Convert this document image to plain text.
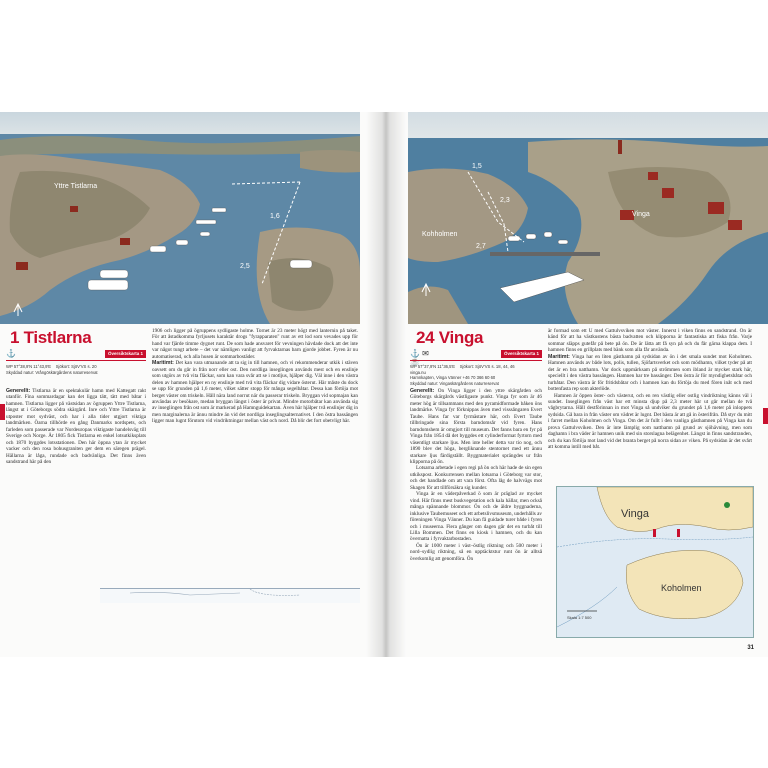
Yttre Tistlarna
1,6
2,5
1 Tistlarna
⚓	Översiktskarta 1
WP 57°38,9'N 11°43,9'E Sjökort: SjöV'VS s. 20
Skyddad natur: Vrångöskärgårdens naturreservat

Generellt: Tistlarna är en spektakulär hamn med Kattegatt rakt utanför. Fina sommardagar kan det ligga tätt, tätt med båtar i hamnen. Tistlarna ligger på västsidan av ögruppen Yttre Tistlarna, längst ut i Göteborgs södra skärgård. Inre och Yttre Tistlarna är utposter mot sydväst, och har i alla tider utgjort viktiga landmärken. Öarna tillhörde en gång Danmarks nordspets, och farleden som passerade var Nordeuropas viktigaste handelsväg till Sverige och Norge. År 1805 fick Tistlarna en enkel lotsutkiksplats och 1870 byggdes lotsstationen. Den här öppna ytan är mycket vacker och den rosa bohusgraniten ger dem en säregen prägel. Hällarna är låga, rundade och badvänliga. Det finns även sandstrand här på den

1906 och ligger på ögruppens sydligaste holme. Tornet är 23 meter högt med lanternin på taket. För att åstadkomma fyrljusets karaktär drogs "fyrapparaten" runt av ett lod som vevades upp för hand var fjärde timme dygnet runt. De som hade ansvaret för vevningen hävdade dock att det inte var något tungt arbete – det var nämligen vanligt att fyrvaktarnas barn gjorde jobbet. Fyren är nu automatiserad, och alla husen är sommarbostäder.

Maritimt: Det kan vara utmanande att ta sig in till hamnen, och vi rekommenderar utkik i stäven oavsett om du går in från norr eller ost. Den nordliga inseglingen används mest och en enslinje som utgörs av två vita fläckar, som kan vara svår att se i motljus, hjälper dig. Väl inne i den västra delen av hamnen hjälper en ny enslinje med två vita fläckar dig vidare österut. Här måste du dock se upp för grunden på 1,6 meter, vilket sätter stopp för många segelbåtar. Dessa kan förtöja mot berget väster om triskeln. Håll nära land norrut när du passerar triskeln. Bryggan vid sopmajan kan användas av besökare, medan bryggan längst i öster är privat. Mindre motorbåtar kan använda sig av inseglingen från ost som är markerad på Hamnguidekartan. Även här hjälper två enslinjer dig in men marginalerna är ännu mindre än vid det nordliga inseglingsalternativet. I den östra bassängen ligger man lugnt förutom vid vindriktningar mellan väst och nord. Då blir det fort obetvligt här.

1,5
2,3
2,7
Kohholmen
Vinga
24 Vinga
⚓ ✉ ☕
Översiktskarta 1
WP 57°37,9'N 11°36,5'E Sjökort: SjöV'VS s. 18, 44, 46
vinga.nu
Hamnkapten, Vinga Vänner +46 70 366 60 60
Skyddad natur: Vingaskärgårdens naturreservat

Generellt: Ön Vinga ligger i den yttre skärgården och Göteborgs skärgårds västligaste punkt. Vinga fyr som är 46 meter hög är tillsammans med den pyramidformade båken öns landmärke. Vinga fyr förknippas även med visssångaren Evert Taube. Hans far var fyrmästare här, och Evert Taube tillbringade sina första barndomsår vid fyren. Hans barndomshem är omgjort till museum. Det fanns bara en fyr på Vinga från 1854 då det byggdes ett cylinderformat fyrtorn med väsentligt starkare ljus. Men inte heller detta var tio nog, och 1890 blev det höga, bergliknande stentornet med ett ännu starkare ljus färdigställt. Byggmaterialet sprängdes ur från klipporna på ön.

Lotsarna arbetade i egen regi på ön och här hade de sin egen utkikspost. Konkurrensen mellan lotsarna i Göteborg var stor, och det handlade om att vara först. Ofta låg de halvvägs mot Skagen för att tillförsäkra sig kunder.

Vinga är en väderpåverkad ö som är präglad av mycket vind. Här finns mest buskvegetation och kala hällar, men också många spännande blommor. Ön och de äldre byggnaderna, inklusive Taubemuseet och ett arbetslivsmuseum, underhålls av föreningen Vinga Vänner. Du kan få guidade turer både i fyren och i museerna. Flera gånger om dagen går det en turbåt till Lilla Bommen. Det finns en kiosk i hamnen, och du kan övernatta i fyrvaktarbostaden.

Ön är 1000 meter i väst–östlig riktning och 500 meter i nord–sydlig riktning, så en upptäcktstur runt ön är alltså överkomlig att genomföra. Ön

är formad som ett U med Gattulvsviken mot väster. Innerst i viken finns en sandstrand. Ön är känd för att ha västkustens bästa badvatten och klipporna är fantastiska att fiska från. Varje sommar släpps gutefår på bete på ön. De är lätta att få syn på och du får gärna klappa dem. I hamnen finns en grillplats med bänk som alla får använda.

Maritimt: Vinga har en liten gästhamn på sydsidan av ön i det smala sundet mot Koholmen. Hamnen används av både lots, polis, tullen, Sjöfartsverket och som mödhamn, vilket tyder på att det är en bra natthamn. Var dock uppmärksam på strömmen som ibland är mycket stark här, speciellt i den västra bassängen. Hamnen har tre bassänger. Den östra är för myndighetsbåtar och turbåtar. Den västra är för fritidsbåtar och i hamnen kan du förtöja du med fören inåt och med bottenfasta rep som akterlöde.

Hamnen är öppen öster- och västerut, och en ren västlig eller ostlig vindriktning känns väl i sundet. Inseglingen från väst har ett minsta djup på 2,3 meter här ut går mellan de två vågbrytarna. Håll destförinnan in mot Vinga så undviker du grundet på 1,6 meter på inloppets sydsida. Gå bara in från väster om vädret är lugnt. Det bästa är att gå in österifrån. Då styr du mitt i farret mellan Koholmen och Vinga. Om det är fullt i den vanliga gästhamnen på Vinga kan du prova Gattulvsviken. Den är inte lämplig som natthamn på grund av sjöhävning, men som daghamn i bra väder är hamnen unik med sin storslagna belägenhet. Längst in finns sandstranden, och du kan förtöja mot land vid det branta berget på norra sidan av viken. På sydsidan är det svårt att komma intill med båt.

Vinga
Koholmen
Skala 1:7 500
31
